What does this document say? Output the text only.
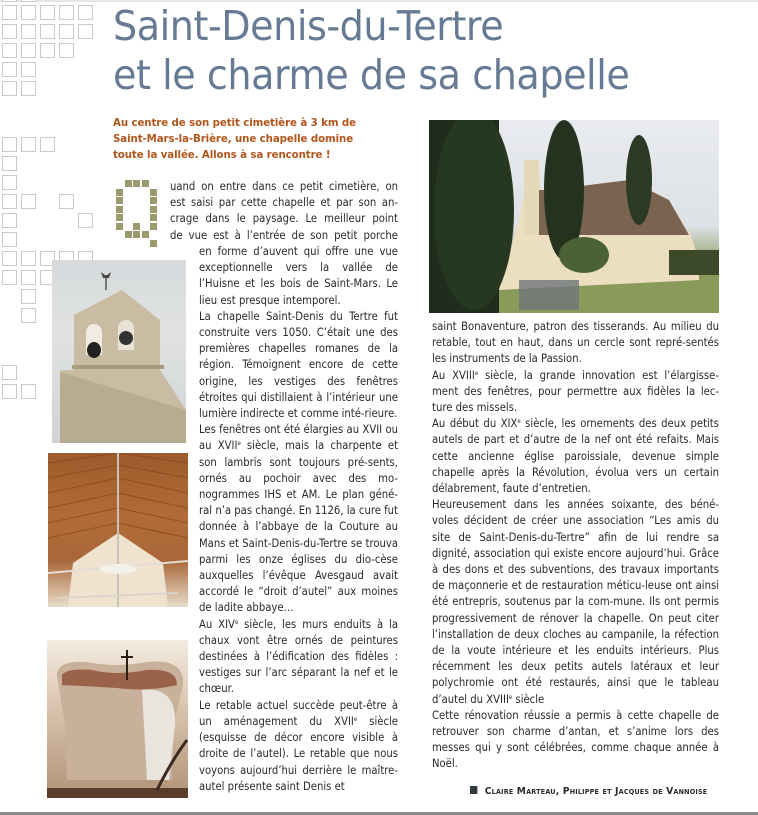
Saint-Denis-du-Tertre
et le charme de sa chapelle
Au centre de son petit cimetière à 3 km de Saint-Mars-la-Brière, une chapelle domine toute la vallée. Allons à sa rencontre !
uand on entre dans ce petit cimetière, on
est saisi par cette chapelle et par son an-
crage dans le paysage. Le meilleur point
de vue est à l’entrée de son petit porche

en forme d’auvent qui offre une vue exceptionnelle vers la vallée de l’Huisne et les bois de Saint-Mars. Le lieu est presque intemporel.

La chapelle Saint-Denis du Tertre fut construite vers 1050. C’était une des premières chapelles romanes de la région. Témoignent encore de cette origine, les vestiges des fenêtres étroites qui distillaient à l’intérieur une lumière indirecte et comme inté-rieure.

Les fenêtres ont été élargies au XVII ou au XVIIe siècle, mais la charpente et son lambris sont toujours pré-sents, ornés au pochoir avec des mo-nogrammes IHS et AM. Le plan géné-ral n’a pas changé. En 1126, la cure fut donnée à l’abbaye de la Couture au Mans et Saint-Denis-du-Tertre se trouva parmi les onze églises du dio-cèse auxquelles l’évêque Avesgaud avait accordé le “droit d’autel” aux moines de ladite abbaye…

Au XIVe siècle, les murs enduits à la chaux vont être ornés de peintures destinées à l’édification des fidèles : vestiges sur l’arc séparant la nef et le chœur.

Le retable actuel succède peut-être à un aménagement du XVIIe siècle (esquisse de décor encore visible à droite de l’autel). Le retable que nous voyons aujourd’hui derrière le maître-autel présente saint Denis et

saint Bonaventure, patron des tisserands. Au milieu du retable, tout en haut, dans un cercle sont repré-sentés les instruments de la Passion.

Au XVIIIe siècle, la grande innovation est l’élargisse-ment des fenêtres, pour permettre aux fidèles la lec-ture des missels.

Au début du XIXe siècle, les ornements des deux petits autels de part et d’autre de la nef ont été refaits. Mais cette ancienne église paroissiale, devenue simple chapelle après la Révolution, évolua vers un certain délabrement, faute d’entretien.

Heureusement dans les années soixante, des béné-voles décident de créer une association “Les amis du site de Saint-Denis-du-Tertre” afin de lui rendre sa dignité, association qui existe encore aujourd’hui. Grâce à des dons et des subventions, des travaux importants de maçonnerie et de restauration méticu-leuse ont ainsi été entrepris, soutenus par la com-mune. Ils ont permis progressivement de rénover la chapelle. On peut citer l’installation de deux cloches au campanile, la réfection de la voute intérieure et les enduits intérieurs. Plus récemment les deux petits autels latéraux et leur polychromie ont été restaurés, ainsi que le tableau d’autel du XVIIIe siècle

Cette rénovation réussie a permis à cette chapelle de retrouver son charme d’antan, et s’anime lors des messes qui y sont célébrées, comme chaque année à Noël.

Claire Marteau, Philippe et Jacques de Vannoise
